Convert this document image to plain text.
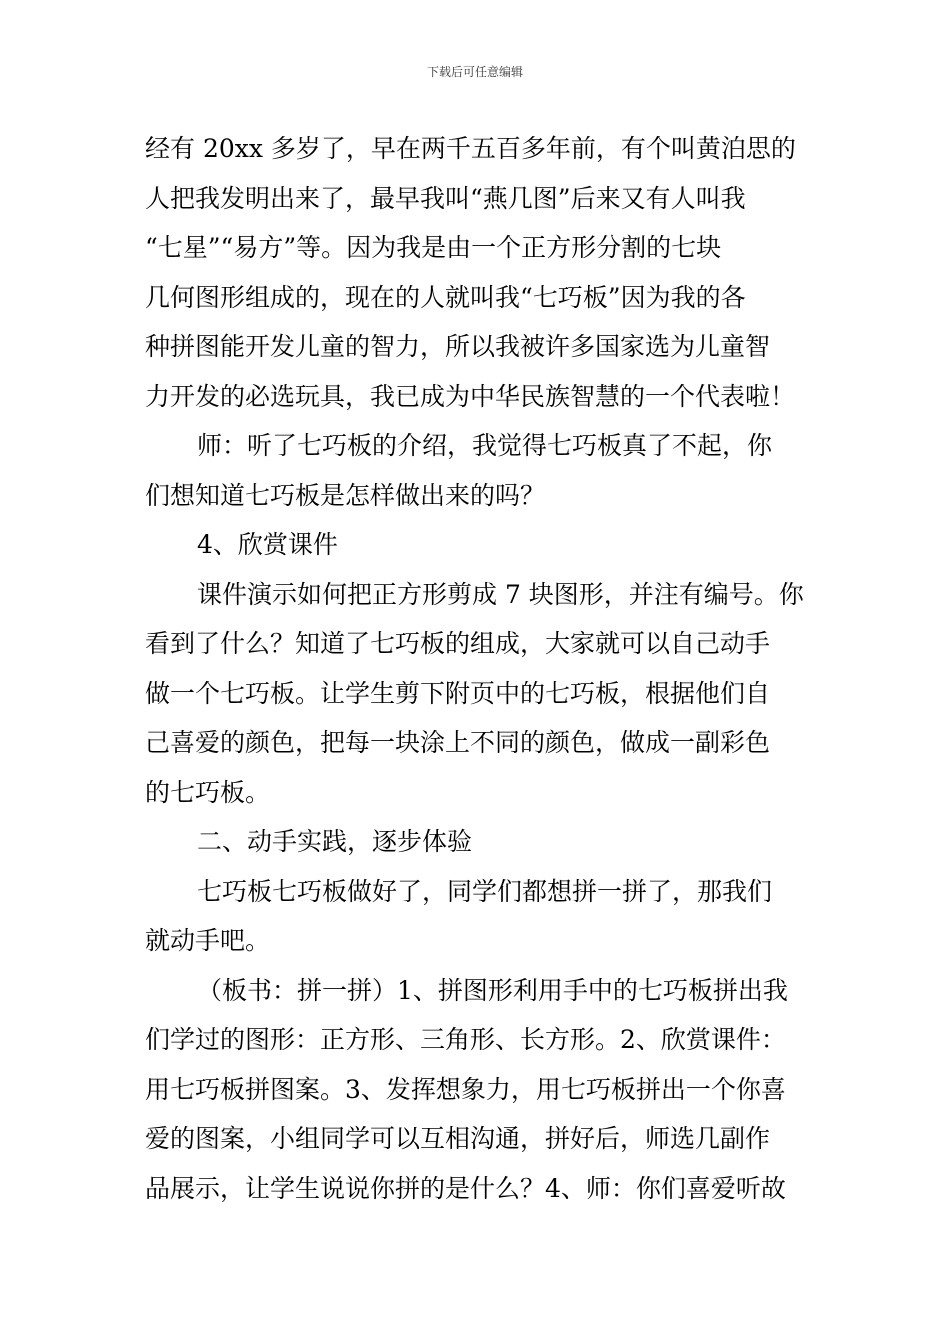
下载后可任意编辑
经有 20xx 多岁了，早在两千五百多年前，有个叫黄泊思的
人把我发明出来了，最早我叫“燕几图”后来又有人叫我
“七星”“易方”等。因为我是由一个正方形分割的七块
几何图形组成的，现在的人就叫我“七巧板”因为我的各
种拼图能开发儿童的智力，所以我被许多国家选为儿童智
力开发的必选玩具，我已成为中华民族智慧的一个代表啦！
师：听了七巧板的介绍，我觉得七巧板真了不起，你
们想知道七巧板是怎样做出来的吗？
4、欣赏课件
课件演示如何把正方形剪成 7 块图形，并注有编号。你
看到了什么？知道了七巧板的组成，大家就可以自己动手
做一个七巧板。让学生剪下附页中的七巧板，根据他们自
己喜爱的颜色，把每一块涂上不同的颜色，做成一副彩色
的七巧板。
二、动手实践，逐步体验
七巧板七巧板做好了，同学们都想拼一拼了，那我们
就动手吧。
（板书：拼一拼）1、拼图形利用手中的七巧板拼出我
们学过的图形：正方形、三角形、长方形。2、欣赏课件：
用七巧板拼图案。3、发挥想象力，用七巧板拼出一个你喜
爱的图案，小组同学可以互相沟通，拼好后，师选几副作
品展示，让学生说说你拼的是什么？4、师：你们喜爱听故
